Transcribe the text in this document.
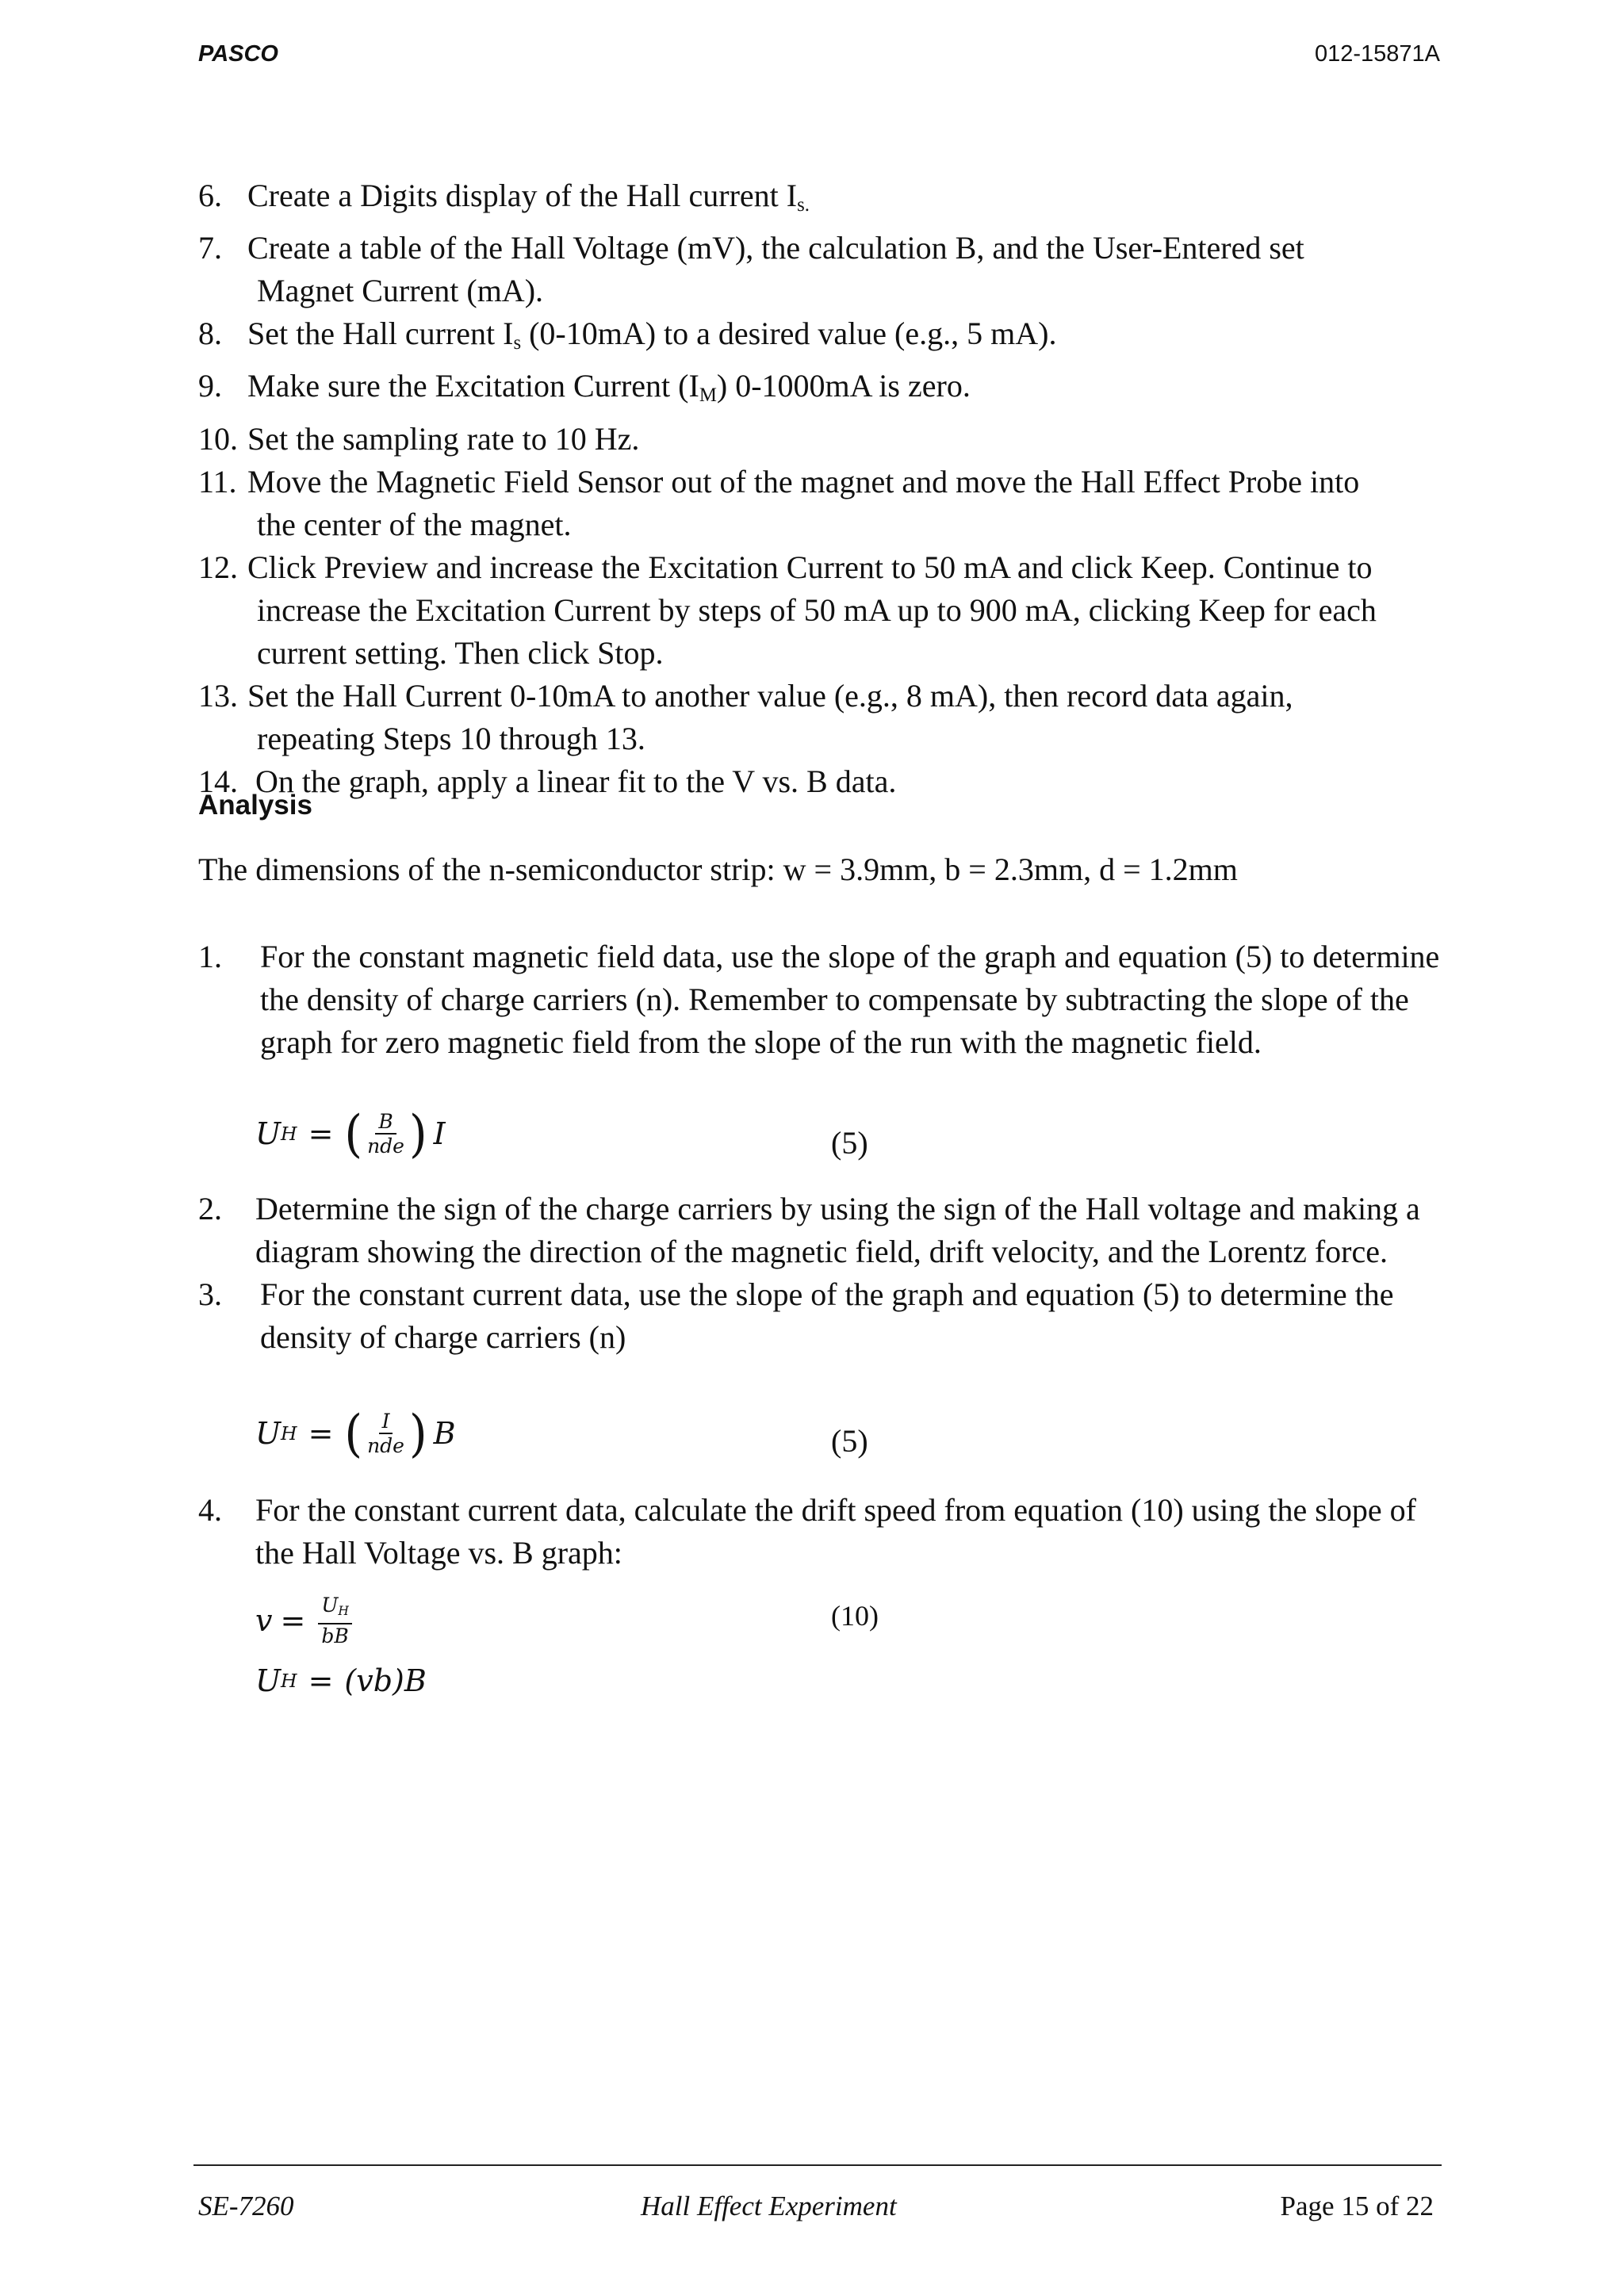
PASCO	012-15871A
6. Create a Digits display of the Hall current $I_{s.}$
7. Create a table of the Hall Voltage (mV), the calculation B, and the User-Entered set
Magnet Current (mA).
8. Set the Hall current $I_s$ (0-10mA) to a desired value (e.g., 5 mA).
9. Make sure the Excitation Current $(I_M)$ 0-1000mA is zero.
10. Set the sampling rate to 10 Hz.
11. Move the Magnetic Field Sensor out of the magnet and move the Hall Effect Probe into
the center of the magnet.
12. Click Preview and increase the Excitation Current to 50 mA and click Keep. Continue to
increase the Excitation Current by steps of 50 mA up to 900 mA, clicking Keep for each
current setting. Then click Stop.
13. Set the Hall Current 0-10mA to another value (e.g., 8 mA), then record data again,
repeating Steps 10 through 13.
14. On the graph, apply a linear fit to the V vs. B data.
Analysis
The dimensions of the n-semiconductor strip: w = 3.9mm, b = 2.3mm, d = 1.2mm
1.	For the constant magnetic field data, use the slope of the graph and equation (5) to determine the density of charge carriers (n). Remember to compensate by subtracting the slope of the graph for zero magnetic field from the slope of the run with the magnetic field.
U H = ( $\frac{B}{\text{nde}}$ ) I	(5)
2.	Determine the sign of the charge carriers by using the sign of the Hall voltage and making a diagram showing the direction of the magnetic field, drift velocity, and the Lorentz force.
3.	For the constant current data, use the slope of the graph and equation (5) to determine the density of charge carriers (n)
U H = ( $\frac{I}{\text{nde}}$ ) B	(5)
4.	For the constant current data, calculate the drift speed from equation (10) using the slope of the Hall Voltage vs. B graph:
$v = \frac{U_H}{bB}$	(10)
U H = (vb)B
SE-7260	Hall Effect Experiment	Page 15 of 22
